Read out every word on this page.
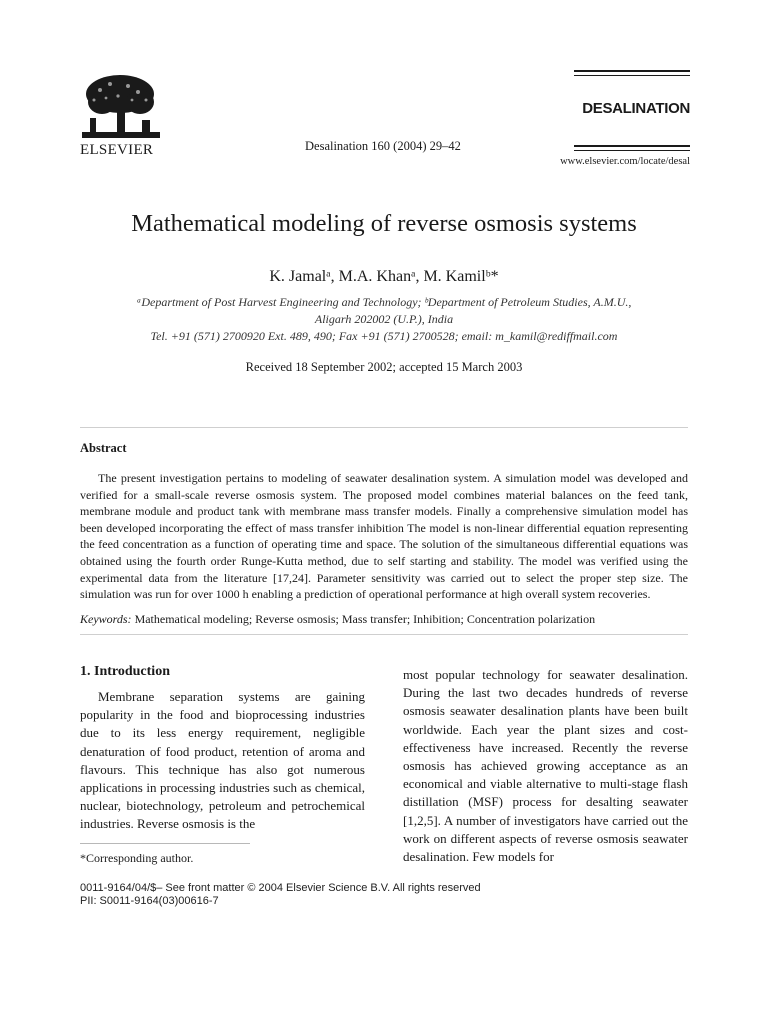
ELSEVIER	Desalination 160 (2004) 29–42
DESALINATION
www.elsevier.com/locate/desal
Mathematical modeling of reverse osmosis systems
K. Jamalᵃ, M.A. Khanᵃ, M. Kamilᵇ*
ᵃDepartment of Post Harvest Engineering and Technology; ᵇDepartment of Petroleum Studies, A.M.U.,
Aligarh 202002 (U.P.), India
Tel. +91 (571) 2700920 Ext. 489, 490; Fax +91 (571) 2700528; email: m_kamil@rediffmail.com
Received 18 September 2002; accepted 15 March 2003
Abstract
The present investigation pertains to modeling of seawater desalination system. A simulation model was developed and verified for a small-scale reverse osmosis system. The proposed model combines material balances on the feed tank, membrane module and product tank with membrane mass transfer models. Finally a comprehensive simulation model has been developed incorporating the effect of mass transfer inhibition The model is non-linear differential equation representing the feed concentration as a function of operating time and space. The solution of the simultaneous differential equations was obtained using the fourth order Runge-Kutta method, due to self starting and stability. The model was verified using the experimental data from the literature [17,24]. Parameter sensitivity was carried out to select the proper step size. The simulation was run for over 1000 h enabling a prediction of operational performance at high overall system recoveries.
Keywords: Mathematical modeling; Reverse osmosis; Mass transfer; Inhibition; Concentration polarization
1. Introduction
Membrane separation systems are gaining popularity in the food and bioprocessing industries due to its less energy requirement, negligible denaturation of food product, retention of aroma and flavours. This technique has also got numerous applications in processing industries such as chemical, nuclear, biotechnology, petroleum and petrochemical industries. Reverse osmosis is the
most popular technology for seawater desalination. During the last two decades hundreds of reverse osmosis seawater desalination plants have been built worldwide. Each year the plant sizes and cost-effectiveness have increased. Recently the reverse osmosis has achieved growing acceptance as an economical and viable alternative to multi-stage flash distillation (MSF) process for desalting seawater [1,2,5]. A number of investigators have carried out the work on different aspects of reverse osmosis seawater desalination. Few models for
*Corresponding author.
0011-9164/04/$– See front matter © 2004 Elsevier Science B.V. All rights reserved
PII: S0011-9164(03)00616-7
